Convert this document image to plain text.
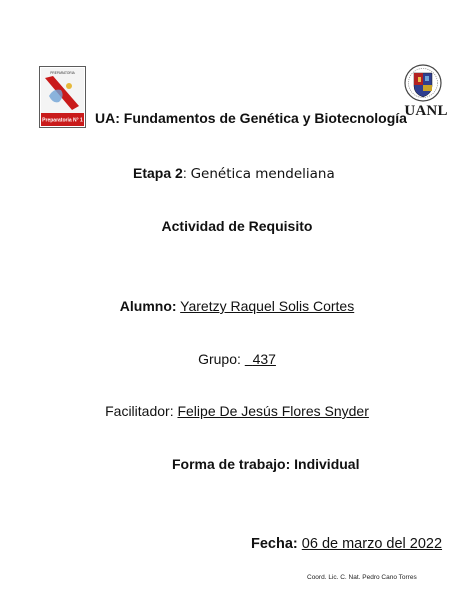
PREPARATORIA
Preparatoria N° 1
UANL
UA: Fundamentos de Genética y Biotecnología
Etapa 2: Genética mendeliana
Actividad de Requisito
Alumno: Yaretzy Raquel Solis Cortes
Grupo: 437
Facilitador: Felipe De Jesús Flores Snyder
Forma de trabajo: Individual
Fecha: 06 de marzo del 2022
Coord. Lic. C. Nat. Pedro Cano Torres
